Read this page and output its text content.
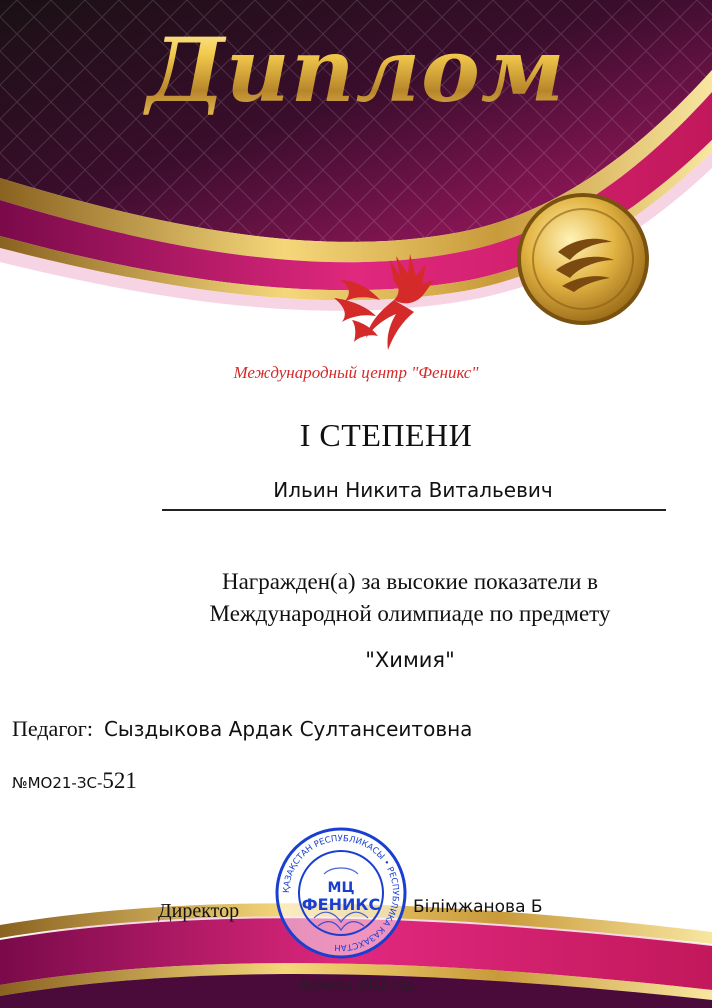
Диплом
Международный центр "Феникс"
I СТЕПЕНИ
Ильин Никита Витальевич
Награжден(а) за высокие показатели в
Международной олимпиаде по предмету
"Химия"
Педагог: Сыздыкова Ардак Султансеитовна
№МО21-ЗС-521
Директор
ҚАЗАҚСТАН РЕСПУБЛИКАСЫ • РЕСПУБЛИКА КАЗАХСТАН
МЦ
ФЕНИКС Білімжанова Б
Алматы 2022 год
